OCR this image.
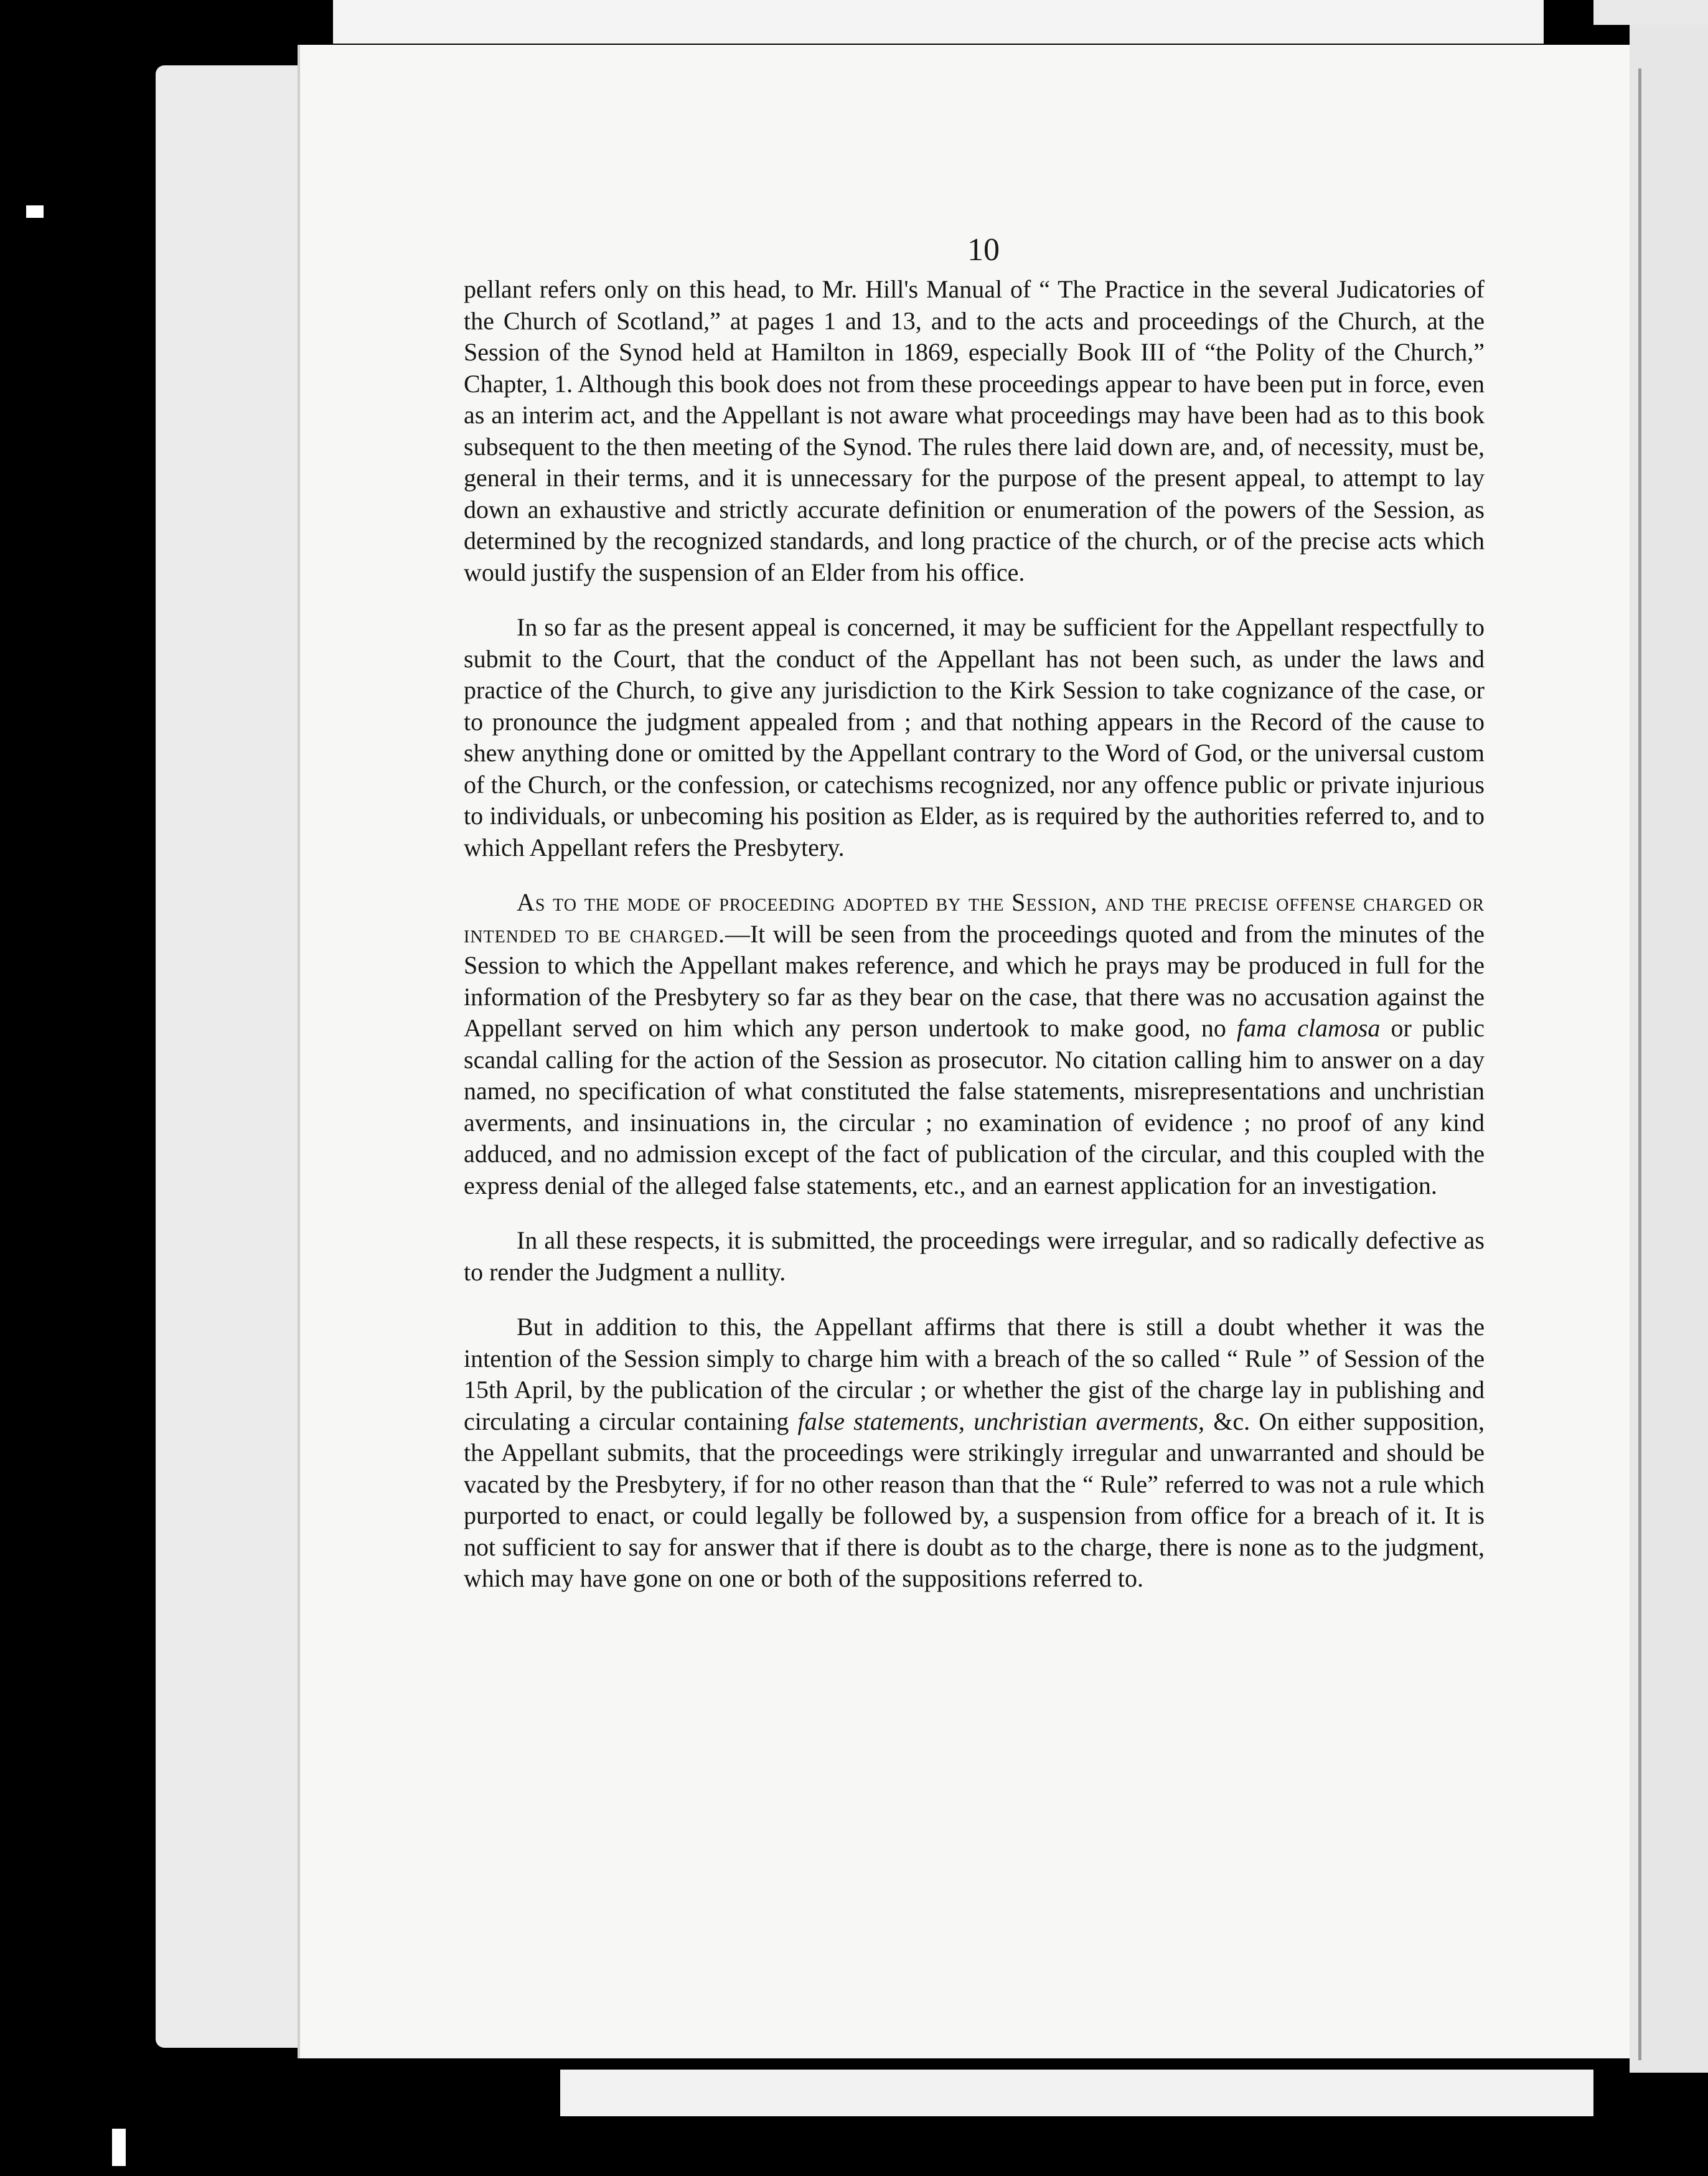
10

pellant refers only on this head, to Mr. Hill's Manual of “ The Practice in the several Judicatories of the Church of Scotland,” at pages 1 and 13, and to the acts and proceedings of the Church, at the Session of the Synod held at Hamilton in 1869, especially Book III of “the Polity of the Church,” Chapter, 1. Although this book does not from these proceedings appear to have been put in force, even as an interim act, and the Appellant is not aware what proceedings may have been had as to this book subsequent to the then meeting of the Synod. The rules there laid down are, and, of necessity, must be, general in their terms, and it is unnecessary for the purpose of the present appeal, to attempt to lay down an exhaustive and strictly accurate definition or enumeration of the powers of the Session, as determined by the recognized standards, and long practice of the church, or of the precise acts which would justify the suspension of an Elder from his office.

In so far as the present appeal is concerned, it may be sufficient for the Appellant respectfully to submit to the Court, that the conduct of the Appellant has not been such, as under the laws and practice of the Church, to give any jurisdiction to the Kirk Session to take cognizance of the case, or to pronounce the judgment appealed from ; and that nothing appears in the Record of the cause to shew anything done or omitted by the Appellant contrary to the Word of God, or the universal custom of the Church, or the confession, or catechisms recognized, nor any offence public or private injurious to individuals, or unbecoming his position as Elder, as is required by the authorities referred to, and to which Appellant refers the Presbytery.

As to the mode of proceeding adopted by the Session, and the precise offense charged or intended to be charged.—It will be seen from the proceedings quoted and from the minutes of the Session to which the Appellant makes reference, and which he prays may be produced in full for the information of the Presbytery so far as they bear on the case, that there was no accusation against the Appellant served on him which any person undertook to make good, no fama clamosa or public scandal calling for the action of the Session as prosecutor. No citation calling him to answer on a day named, no specification of what constituted the false statements, misrepresentations and unchristian averments, and insinuations in, the circular ; no examination of evidence ; no proof of any kind adduced, and no admission except of the fact of publication of the circular, and this coupled with the express denial of the alleged false statements, etc., and an earnest application for an investigation.

In all these respects, it is submitted, the proceedings were irregular, and so radically defective as to render the Judgment a nullity.

But in addition to this, the Appellant affirms that there is still a doubt whether it was the intention of the Session simply to charge him with a breach of the so called “ Rule ” of Session of the 15th April, by the publication of the circular ; or whether the gist of the charge lay in publishing and circulating a circular containing false statements, unchristian averments, &c. On either supposition, the Appellant submits, that the proceedings were strikingly irregular and unwarranted and should be vacated by the Presbytery, if for no other reason than that the “ Rule” referred to was not a rule which purported to enact, or could legally be followed by, a suspension from office for a breach of it. It is not sufficient to say for answer that if there is doubt as to the charge, there is none as to the judgment, which may have gone on one or both of the suppositions referred to.
